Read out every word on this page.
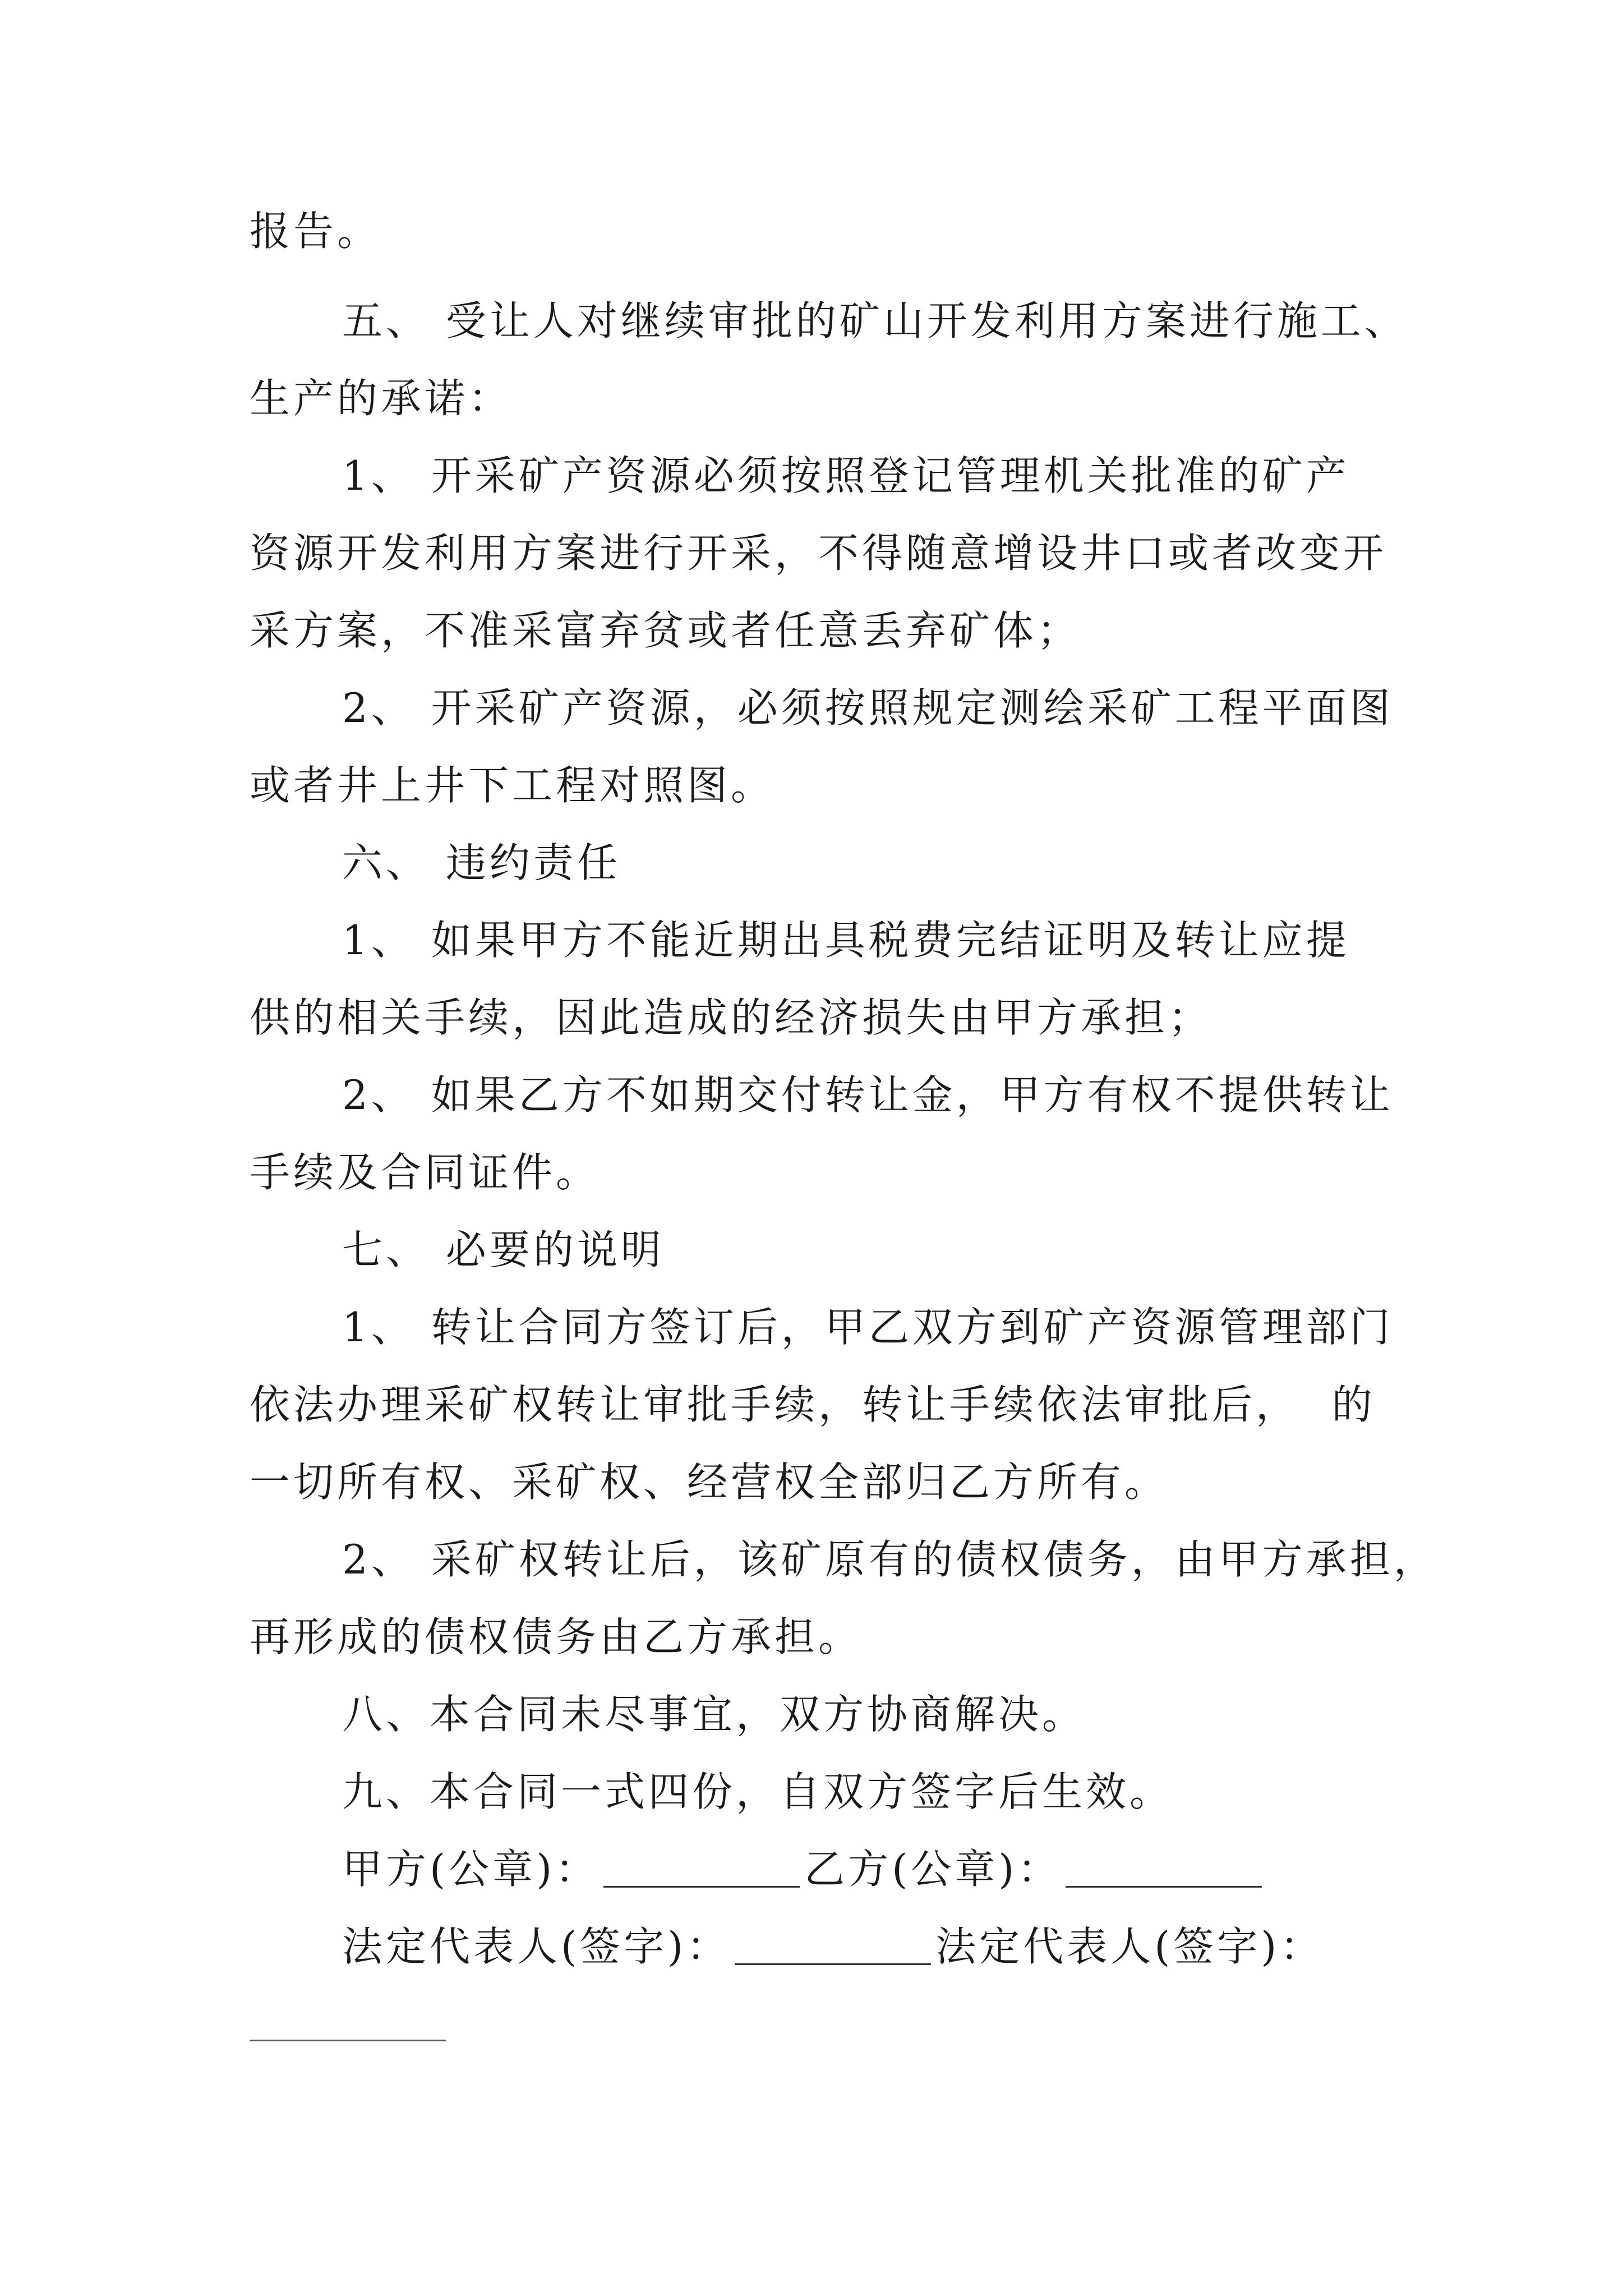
报告。
五、 受让人对继续审批的矿山开发利用方案进行施工、
生产的承诺：
1、 开采矿产资源必须按照登记管理机关批准的矿产
资源开发利用方案进行开采，不得随意增设井口或者改变开
采方案，不准采富弃贫或者任意丢弃矿体；
2、 开采矿产资源，必须按照规定测绘采矿工程平面图
或者井上井下工程对照图。
六、 违约责任
1、 如果甲方不能近期出具税费完结证明及转让应提
供的相关手续，因此造成的经济损失由甲方承担；
2、 如果乙方不如期交付转让金，甲方有权不提供转让
手续及合同证件。
七、 必要的说明
1、 转让合同方签订后，甲乙双方到矿产资源管理部门
依法办理采矿权转让审批手续，转让手续依法审批后，  的
一切所有权、采矿权、经营权全部归乙方所有。
2、 采矿权转让后，该矿原有的债权债务，由甲方承担，
再形成的债权债务由乙方承担。
八、本合同未尽事宜，双方协商解决。
九、本合同一式四份，自双方签字后生效。
甲方(公章)：	乙方(公章)：
法定代表人(签字)：	法定代表人(签字)：
